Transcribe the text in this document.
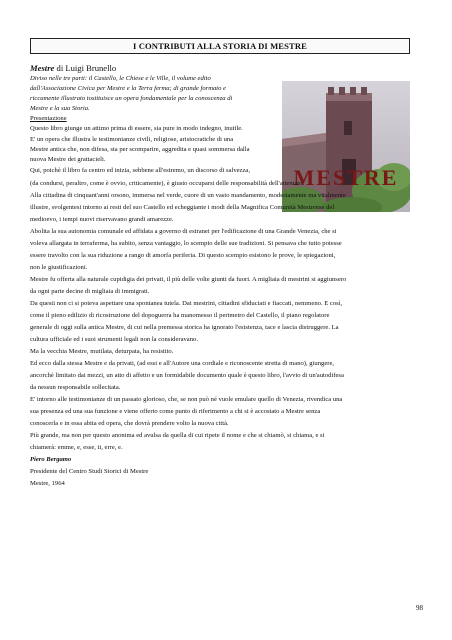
I CONTRIBUTI ALLA STORIA DI MESTRE
Mestre di Luigi Brunello
MESTRE
Diviso nelle tre parti: il Castello, le Chiese e le Ville, il volume edito
dall'Associazione Civica per Mestre e la Terra ferma; di grande formato e
riccamente illustrato tostituisce un opera fondamentale per la conoscenza di
Mestre e la sua Storia.
Presentazione
Questo libro giunge un attimo prima di essere, sia pure in modo indegno, inutile.
E' un opera che illustra le testimonianze civili, religiose, aristocratiche di una
Mestre antica che, non difesa, sta per scomparire, aggredita e quasi sommersa dalla
nuova Mestre dei grattacieli.
Qui, poichè il libro fa centro ed inizia, sebbene all'estremo, un discorso di salvezza,
(da condursi, peraltro, come è ovvio, criticamente), è giusto occuparsi delle responsabilità dell'attentato.
Alla cittadina di cinquant'anni orsono, immersa nel verde, cuore di un vasto mandamento, modestamente ma vitalmente
illustre, svolgentesi intorno ai resti del suo Castello ed echeggiante i modi della Magnifica Comunità Mestrense del
medioevo, i tempi nuovi riservavano grandi amarezze.
Abolita la sua autonomia comunale ed affidata a governo di estranei per l'edificazione di una Grande Venezia, che si
voleva allargata in terraferma, ha subito, senza vantaggio, lo scempio delle sue tradizioni. Si pensava che tutto potesse
essere travolto con la sua riduzione a rango di amorfa periferia. Di questo scempio esistono le prove, le spiegazioni,
non le giustificazioni.
Mestre fu offerta alla naturale cupidigia dei privati, il più delle volte giunti da fuori. A migliaia di mestrini si aggiunsero
da ogni parte decine di migliaia di immigrati.
Da questi non ci si poteva aspettare una spontanea tutela. Dai mestrini, cittadini sfiduciati e fiaccati, nemmeno. E così,
come il pieno edilizio di ricostruzione del dopoguerra ha manomesso il perimetro del Castello, il piano regolatore
generale di oggi sulla antica Mestre, di cui nella premessa storica ha ignorato l'esistenza, tace e lascia distruggere. La
cultura ufficiale ed i suoi strumenti legali non la consideravano.
Ma la vecchia Mestre, mutilata, deturpata, ha resistito.
Ed ecco dalla stessa Mestre e da privati, (ad essi e all'Autore una cordiale e riconoscente stretta di mano), giungere,
ancorchè limitato dai mezzi, un atto di affetto e un formidabile documento quale è questo libro, l'avvio di un'autodifesa
da nessun responsabile sollecitata.
E' intorno alle testimonianze di un passato glorioso, che, se non può né vuole emulare quello di Venezia, rivendica una
sua presenza ed una sua funzione e viene offerto come punto di riferimento a chi si è accostato a Mestre senza
conoscerla e in essa abita ed opera, che dovrà prendere volto la nuova città.
Più grande, ma non per questo anonima ed avulsa da quella di cui ripete il nome e che si chiamò, si chiama, e si
chiamerà: emme, e, esse, ti, erre, e.
Piero Bergamo
Presidente del Centro Studi Storici di Mestre
Mestre, 1964
98
